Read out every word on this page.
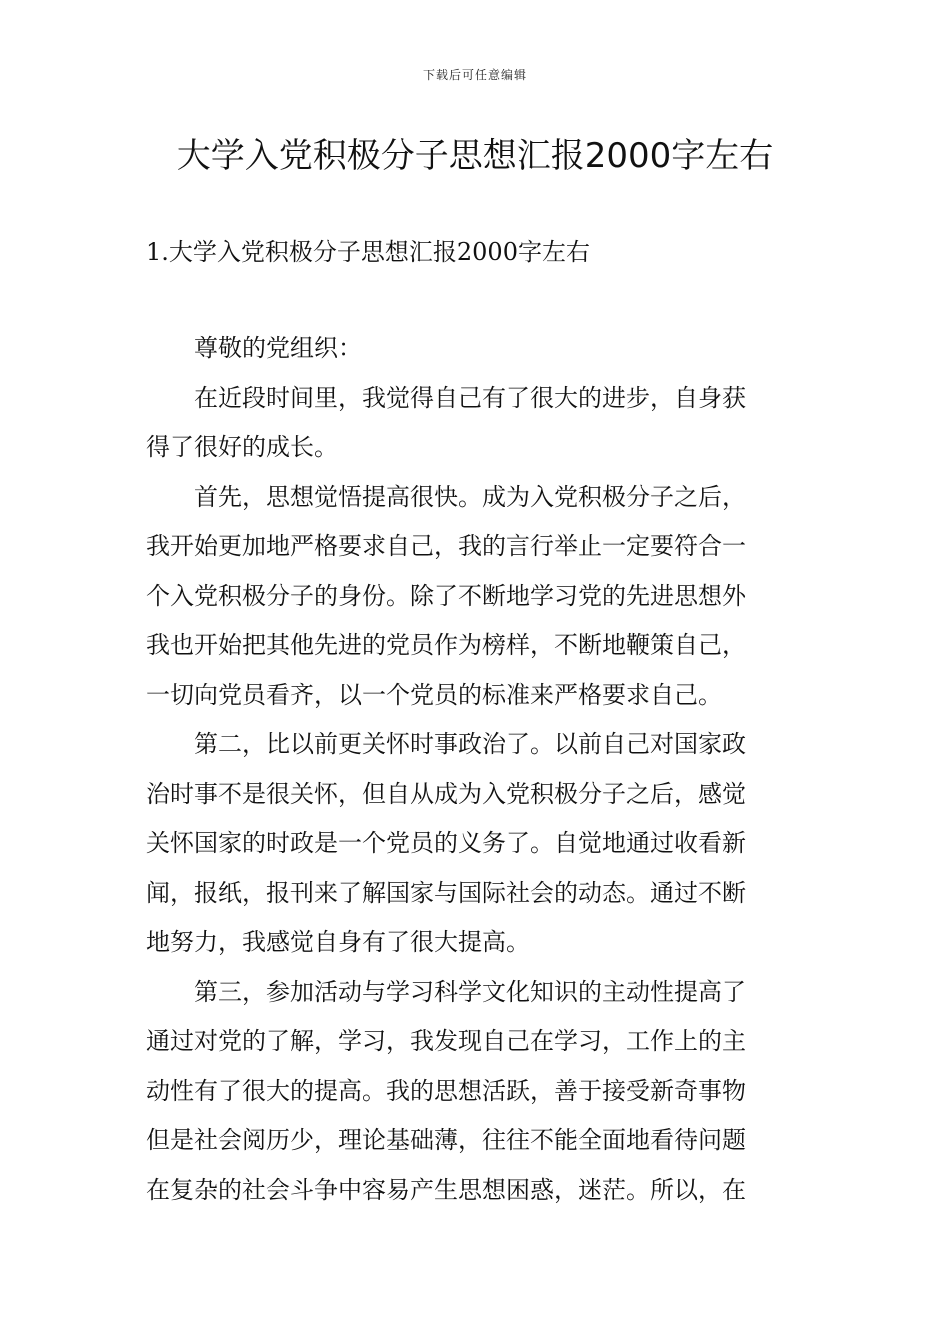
下载后可任意编辑
大学入党积极分子思想汇报2000字左右
1.大学入党积极分子思想汇报2000字左右

尊敬的党组织：

在近段时间里，我觉得自己有了很大的进步，自身获
得了很好的成长。

首先，思想觉悟提高很快。成为入党积极分子之后，
我开始更加地严格要求自己，我的言行举止一定要符合一
个入党积极分子的身份。除了不断地学习党的先进思想外
我也开始把其他先进的党员作为榜样，不断地鞭策自己，
一切向党员看齐，以一个党员的标准来严格要求自己。

第二，比以前更关怀时事政治了。以前自己对国家政
治时事不是很关怀，但自从成为入党积极分子之后，感觉
关怀国家的时政是一个党员的义务了。自觉地通过收看新
闻，报纸，报刊来了解国家与国际社会的动态。通过不断
地努力，我感觉自身有了很大提高。

第三，参加活动与学习科学文化知识的主动性提高了
通过对党的了解，学习，我发现自己在学习，工作上的主
动性有了很大的提高。我的思想活跃，善于接受新奇事物
但是社会阅历少，理论基础薄，往往不能全面地看待问题
在复杂的社会斗争中容易产生思想困惑，迷茫。所以，在
